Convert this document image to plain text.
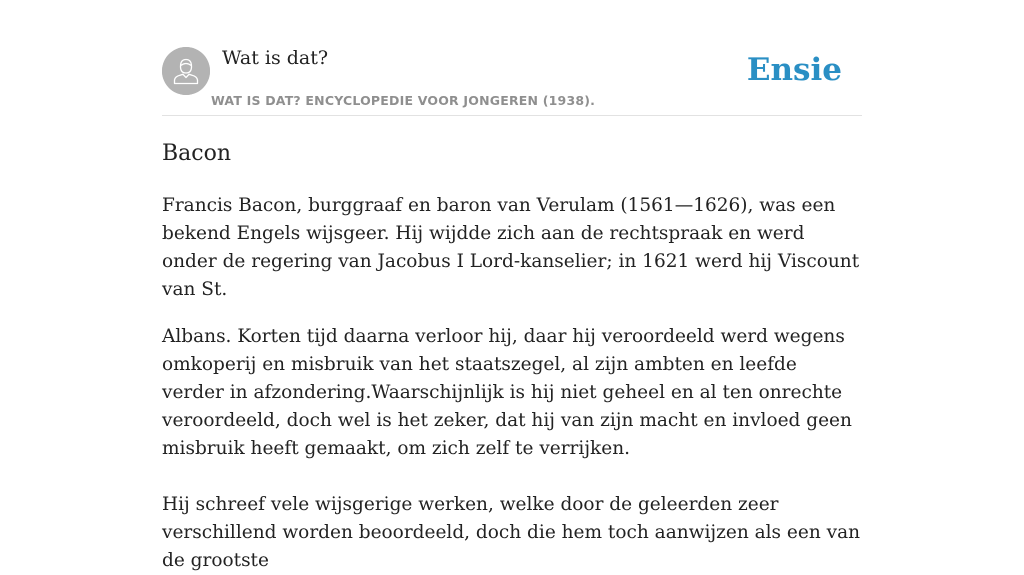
Wat is dat?
WAT IS DAT? ENCYCLOPEDIE VOOR JONGEREN (1938).
Ensie
Bacon

Francis Bacon, burggraaf en baron van Verulam (1561—1626), was een bekend Engels wijsgeer. Hij wijdde zich aan de rechtspraak en werd onder de regering van Jacobus I Lord-kanselier; in 1621 werd hij Viscount van St.

Albans. Korten tijd daarna verloor hij, daar hij veroordeeld werd wegens omkoperij en misbruik van het staatszegel, al zijn ambten en leefde verder in afzondering.Waarschijnlijk is hij niet geheel en al ten onrechte veroordeeld, doch wel is het zeker, dat hij van zijn macht en invloed geen misbruik heeft gemaakt, om zich zelf te verrijken.

Hij schreef vele wijsgerige werken, welke door de geleerden zeer verschillend worden beoordeeld, doch die hem toch aanwijzen als een van de grootste
